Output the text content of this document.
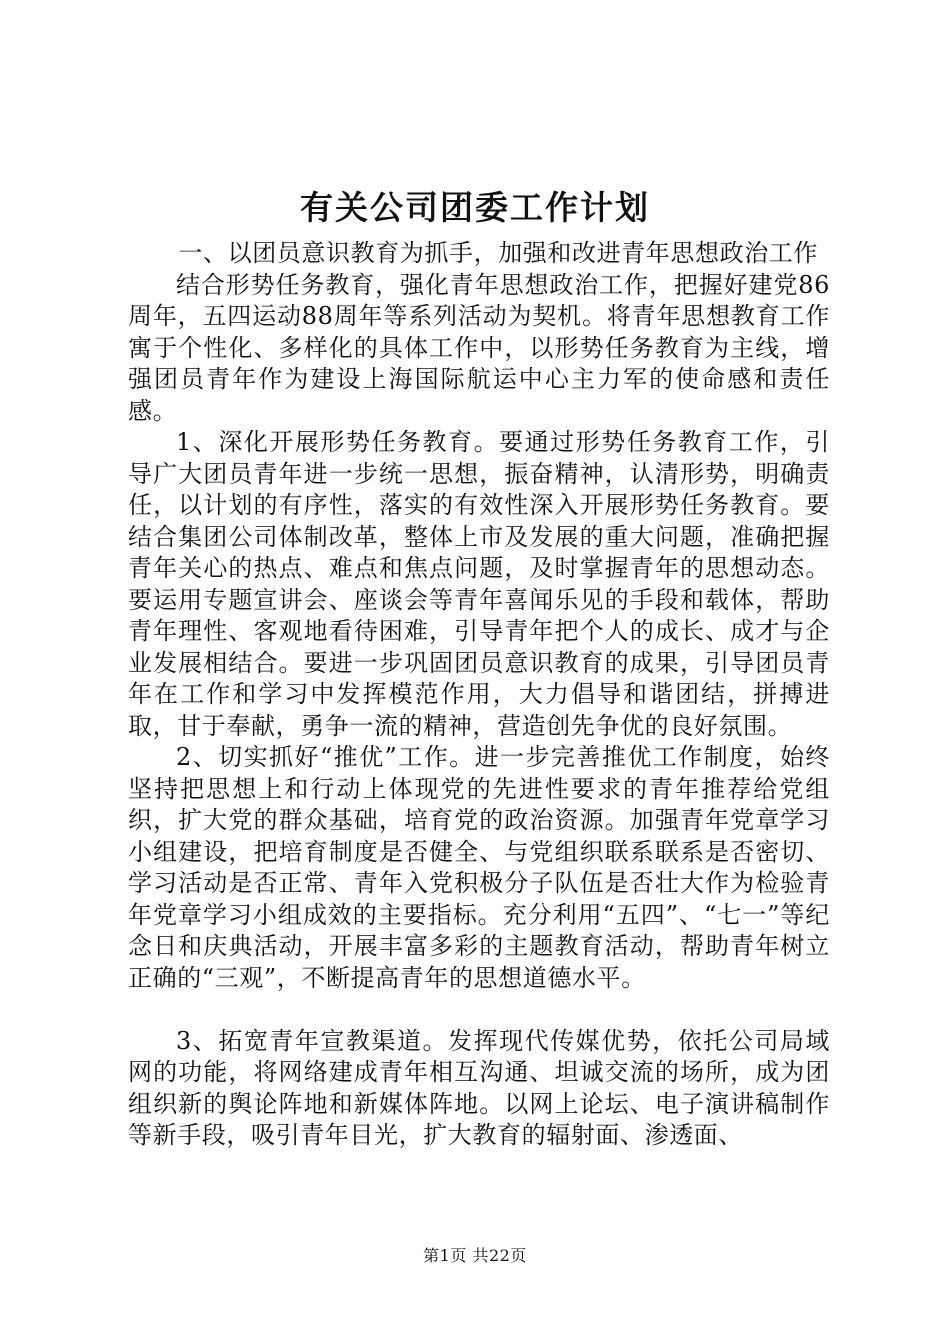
有关公司团委工作计划

一、以团员意识教育为抓手，加强和改进青年思想政治工作

结合形势任务教育，强化青年思想政治工作，把握好建党86周年，五四运动88周年等系列活动为契机。将青年思想教育工作寓于个性化、多样化的具体工作中，以形势任务教育为主线，增强团员青年作为建设上海国际航运中心主力军的使命感和责任感。

1、深化开展形势任务教育。要通过形势任务教育工作，引导广大团员青年进一步统一思想，振奋精神，认清形势，明确责任，以计划的有序性，落实的有效性深入开展形势任务教育。要结合集团公司体制改革，整体上市及发展的重大问题，准确把握青年关心的热点、难点和焦点问题，及时掌握青年的思想动态。要运用专题宣讲会、座谈会等青年喜闻乐见的手段和载体，帮助青年理性、客观地看待困难，引导青年把个人的成长、成才与企业发展相结合。要进一步巩固团员意识教育的成果，引导团员青年在工作和学习中发挥模范作用，大力倡导和谐团结，拼搏进取，甘于奉献，勇争一流的精神，营造创先争优的良好氛围。

2、切实抓好“推优”工作。进一步完善推优工作制度，始终坚持把思想上和行动上体现党的先进性要求的青年推荐给党组织，扩大党的群众基础，培育党的政治资源。加强青年党章学习小组建设，把培育制度是否健全、与党组织联系联系是否密切、学习活动是否正常、青年入党积极分子队伍是否壮大作为检验青年党章学习小组成效的主要指标。充分利用“五四”、“七一”等纪念日和庆典活动，开展丰富多彩的主题教育活动，帮助青年树立正确的“三观”，不断提高青年的思想道德水平。

3、拓宽青年宣教渠道。发挥现代传媒优势，依托公司局域网的功能，将网络建成青年相互沟通、坦诚交流的场所，成为团组织新的舆论阵地和新媒体阵地。以网上论坛、电子演讲稿制作等新手段，吸引青年目光，扩大教育的辐射面、渗透面、

第1页 共22页
